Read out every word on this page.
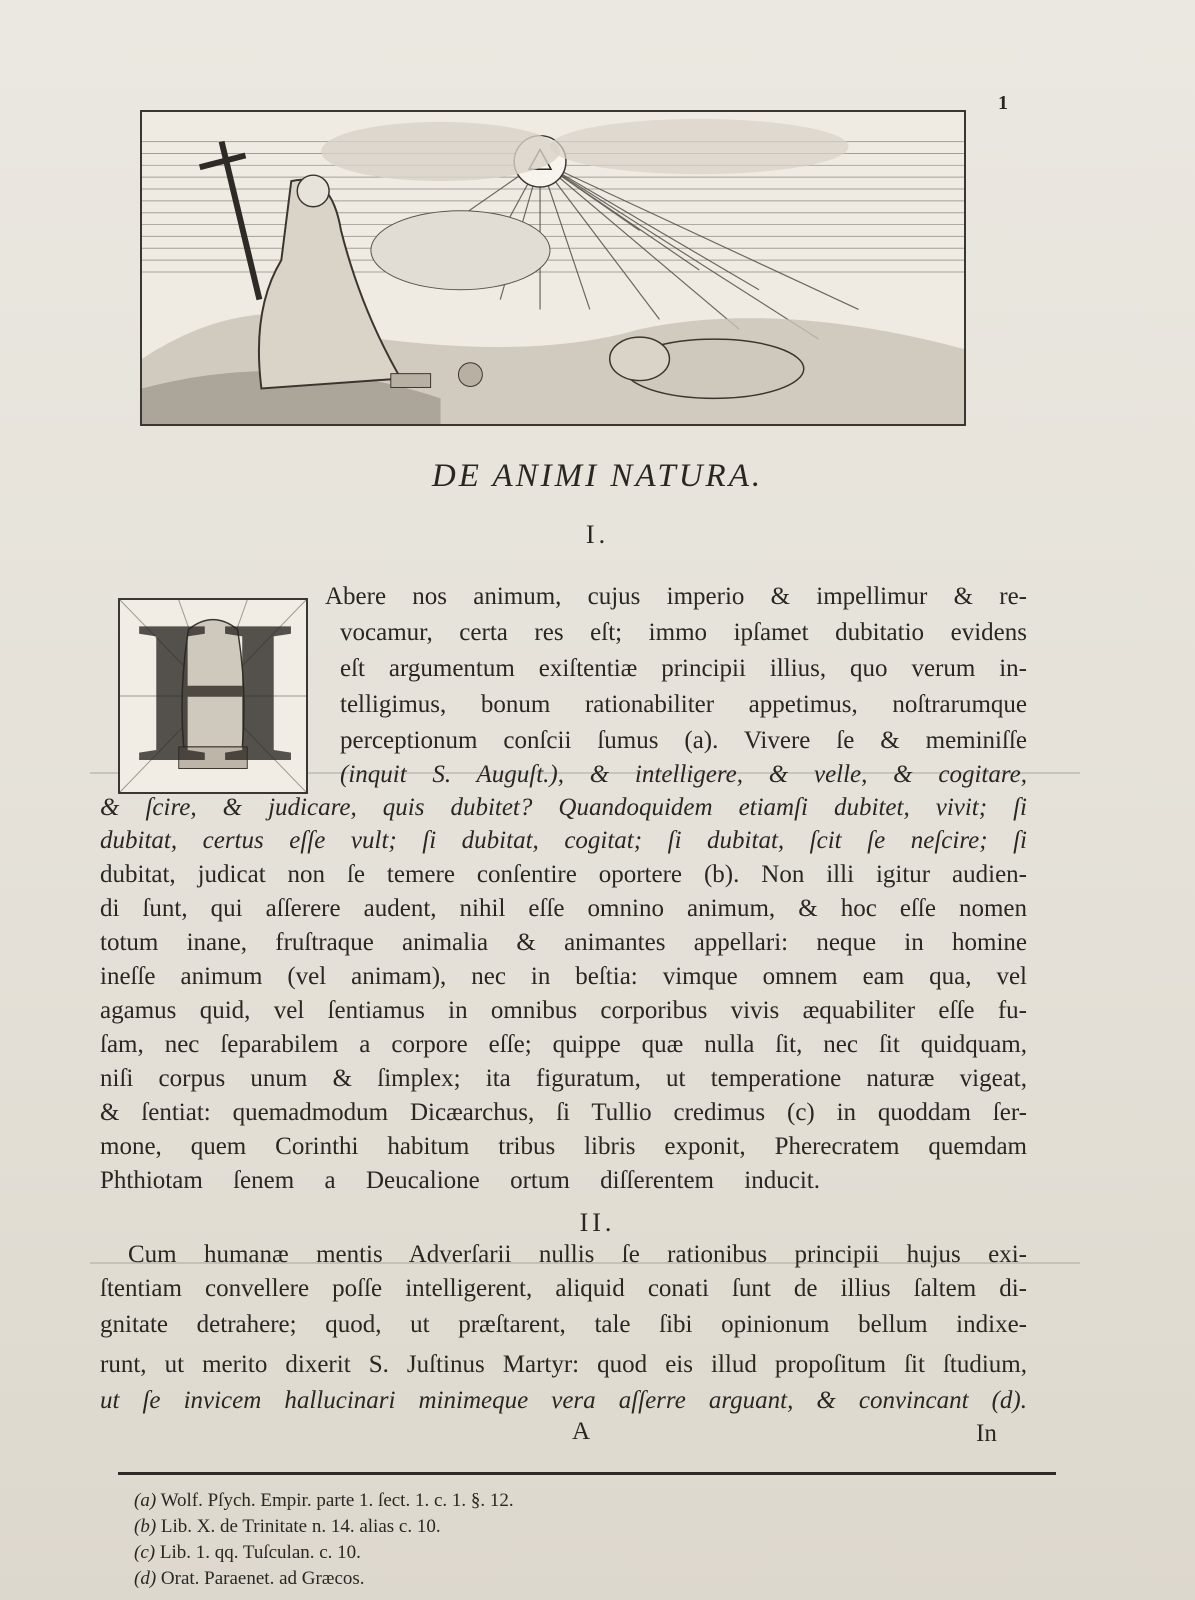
1
DE ANIMI NATURA.
I.
H	Abere nos animum, cujus imperio & impellimur & re-
vocamur, certa res eſt; immo ipſamet dubitatio evidens
eſt argumentum exiſtentiæ principii illius, quo verum in-
telligimus, bonum rationabiliter appetimus, noſtrarumque
perceptionum conſcii ſumus (a). Vivere ſe & meminiſſe
(inquit S. Auguſt.), & intelligere, & velle, & cogitare,
& ſcire, & judicare, quis dubitet? Quandoquidem etiamſi dubitet, vivit; ſi
dubitat, certus eſſe vult; ſi dubitat, cogitat; ſi dubitat, ſcit ſe neſcire; ſi
dubitat, judicat non ſe temere conſentire oportere (b). Non illi igitur audien-
di ſunt, qui aſſerere audent, nihil eſſe omnino animum, & hoc eſſe nomen
totum inane, fruſtraque animalia & animantes appellari: neque in homine
ineſſe animum (vel animam), nec in beſtia: vimque omnem eam qua, vel
agamus quid, vel ſentiamus in omnibus corporibus vivis æquabiliter eſſe fu-
ſam, nec ſeparabilem a corpore eſſe; quippe quæ nulla ſit, nec ſit quidquam,
niſi corpus unum & ſimplex; ita figuratum, ut temperatione naturæ vigeat,
& ſentiat: quemadmodum Dicæarchus, ſi Tullio credimus (c) in quoddam ſer-
mone, quem Corinthi habitum tribus libris exponit, Pherecratem quemdam
Phthiotam ſenem a Deucalione ortum diſſerentem inducit.
II.
Cum humanæ mentis Adverſarii nullis ſe rationibus principii hujus exi-
ſtentiam convellere poſſe intelligerent, aliquid conati ſunt de illius ſaltem di-
gnitate detrahere; quod, ut præſtarent, tale ſibi opinionum bellum indixe-
runt, ut merito dixerit S. Juſtinus Martyr: quod eis illud propoſitum ſit ſtudium,
ut ſe invicem hallucinari minimeque vera aſſerre arguant, & convincant (d).
A	In
(a) Wolf. Pſych. Empir. parte 1. ſect. 1. c. 1. §. 12.
(b) Lib. X. de Trinitate n. 14. alias c. 10.
(c) Lib. 1. qq. Tuſculan. c. 10.
(d) Orat. Paraenet. ad Græcos.
